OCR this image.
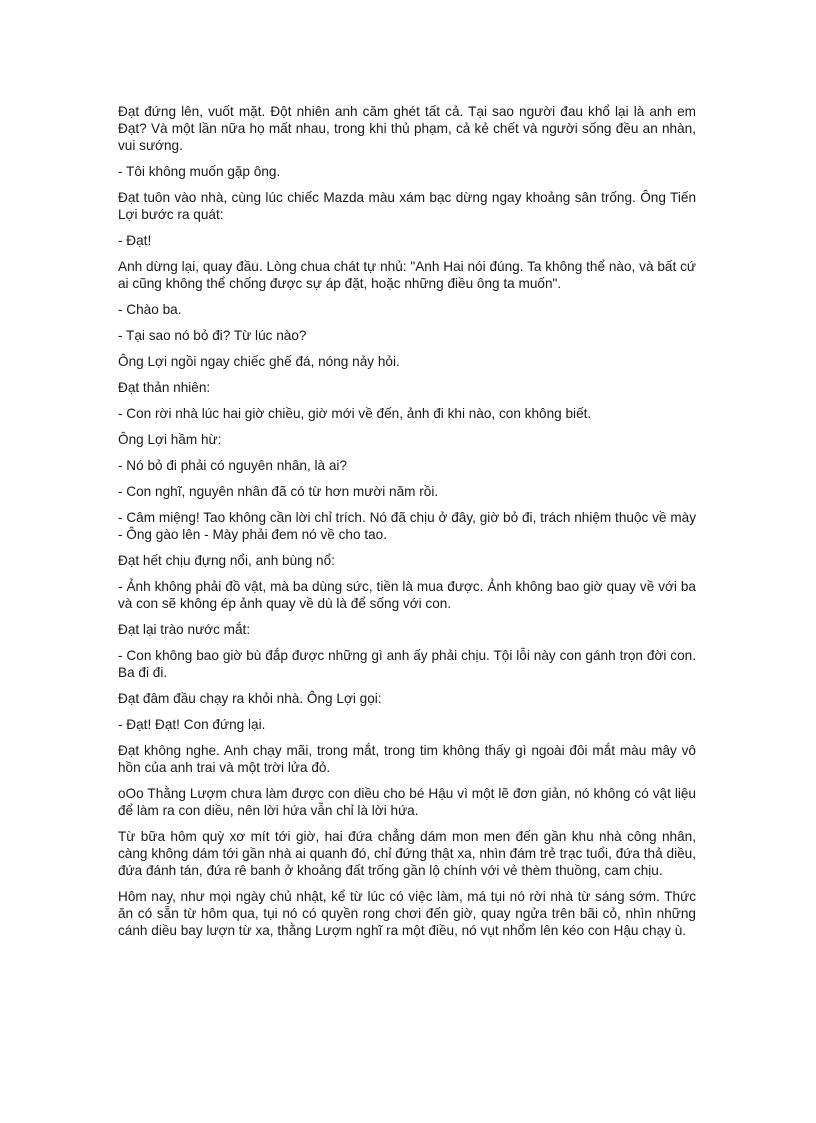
Đạt đứng lên, vuốt mặt. Đột nhiên anh căm ghét tất cả. Tại sao người đau khổ lại là anh em Đạt? Và một lần nữa họ mất nhau, trong khi thủ phạm, cả kẻ chết và người sống đều an nhàn, vui sướng.

- Tôi không muốn gặp ông.

Đạt tuôn vào nhà, cùng lúc chiếc Mazda màu xám bạc dừng ngay khoảng sân trống. Ông Tiến Lợi bước ra quát:

- Đạt!

Anh dừng lại, quay đầu. Lòng chua chát tự nhủ: "Anh Hai nói đúng. Ta không thể nào, và bất cứ ai cũng không thể chống được sự áp đặt, hoặc những điều ông ta muốn".

- Chào ba.

- Tại sao nó bỏ đi? Từ lúc nào?

Ông Lợi ngồi ngay chiếc ghế đá, nóng nảy hỏi.

Đạt thản nhiên:

- Con rời nhà lúc hai giờ chiều, giờ mới về đến, ảnh đi khi nào, con không biết.

Ông Lợi hầm hừ:

- Nó bỏ đi phải có nguyên nhân, là ai?

- Con nghĩ, nguyên nhân đã có từ hơn mười năm rồi.

- Câm miệng! Tao không cần lời chỉ trích. Nó đã chịu ở đây, giờ bỏ đi, trách nhiệm thuộc về mày - Ông gào lên - Mày phải đem nó về cho tao.

Đạt hết chịu đựng nổi, anh bùng nổ:

- Ảnh không phải đồ vật, mà ba dùng sức, tiền là mua được. Ảnh không bao giờ quay về với ba và con sẽ không ép ảnh quay về dù là để sống với con.

Đạt lại trào nước mắt:

- Con không bao giờ bù đắp được những gì anh ấy phải chịu. Tội lỗi này con gánh trọn đời con. Ba đi đi.

Đạt đâm đầu chạy ra khỏi nhà. Ông Lợi gọi:

- Đạt! Đạt! Con đứng lại.

Đạt không nghe. Anh chạy mãi, trong mắt, trong tim không thấy gì ngoài đôi mắt màu mây vô hồn của anh trai và một trời lửa đỏ.

oOo Thằng Lượm chưa làm được con diều cho bé Hậu vì một lẽ đơn giản, nó không có vật liệu để làm ra con diều, nên lời hứa vẫn chỉ là lời hứa.

Từ bữa hôm quỳ xơ mít tới giờ, hai đứa chẳng dám mon men đến gần khu nhà công nhân, càng không dám tới gần nhà ai quanh đó, chỉ đứng thật xa, nhìn đám trẻ trạc tuổi, đứa thả diều, đứa đánh tán, đứa rê banh ở khoảng đất trống gần lộ chính với vẻ thèm thuồng, cam chịu.

Hôm nay, như mọi ngày chủ nhật, kể từ lúc có việc làm, má tụi nó rời nhà từ sáng sớm. Thức ăn có sẵn từ hôm qua, tụi nó có quyền rong chơi đến giờ, quay ngửa trên bãi cỏ, nhìn những cánh diều bay lượn từ xa, thằng Lượm nghĩ ra một điều, nó vụt nhổm lên kéo con Hậu chạy ù.
